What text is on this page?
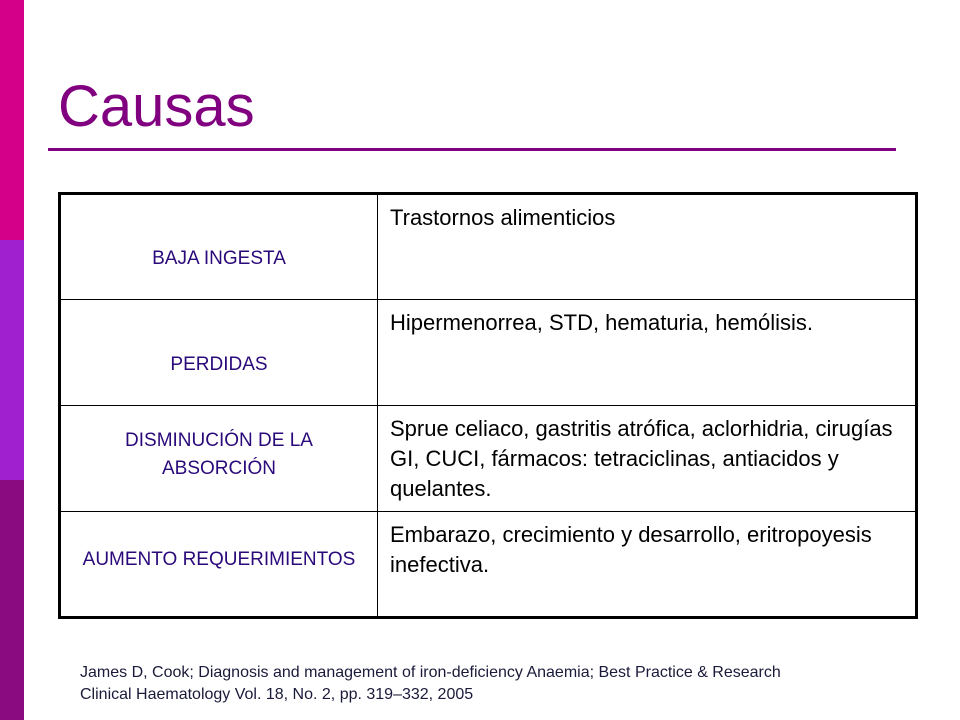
Causas
BAJA INGESTA	Trastornos alimenticios
PERDIDAS	Hipermenorrea, STD, hematuria, hemólisis.
DISMINUCIÓN DE LA ABSORCIÓN	Sprue celiaco, gastritis atrófica, aclorhidria, cirugías GI, CUCI, fármacos: tetraciclinas, antiacidos y quelantes.
AUMENTO REQUERIMIENTOS	Embarazo, crecimiento y desarrollo, eritropoyesis inefectiva.
James D, Cook; Diagnosis and management of iron-deficiency Anaemia; Best Practice & Research
Clinical Haematology Vol. 18, No. 2, pp. 319–332, 2005
